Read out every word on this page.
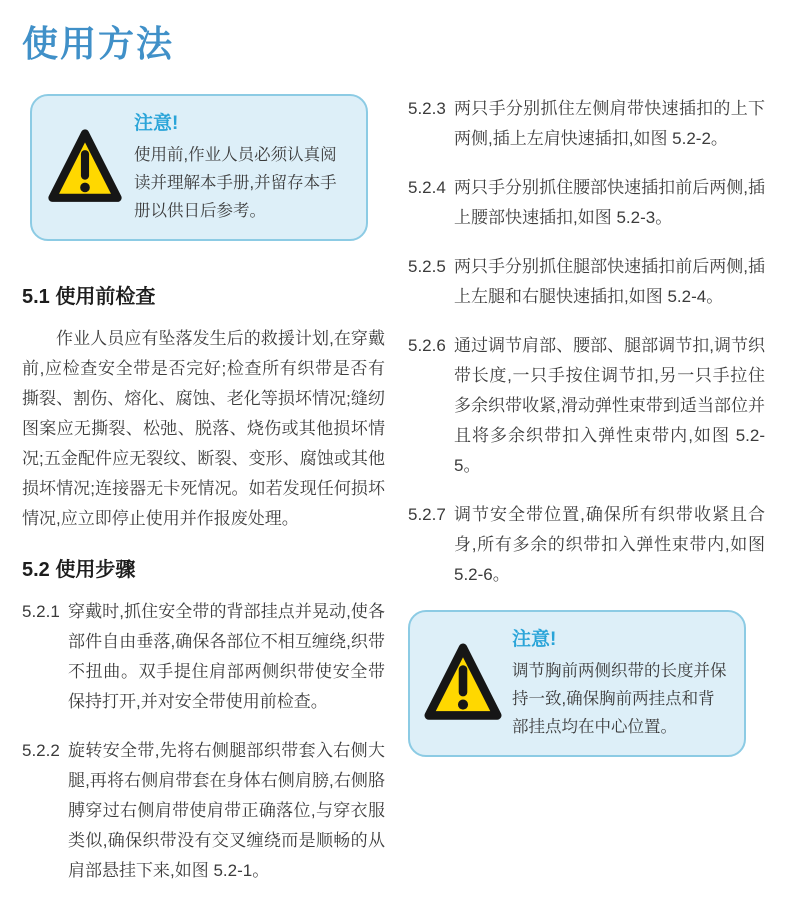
使用方法
注意!
使用前,作业人员必须认真阅读并理解本手册,并留存本手册以供日后参考。
5.1 使用前检查

作业人员应有坠落发生后的救援计划,在穿戴前,应检查安全带是否完好;检查所有织带是否有撕裂、割伤、熔化、腐蚀、老化等损坏情况;缝纫图案应无撕裂、松弛、脱落、烧伤或其他损坏情况;五金配件应无裂纹、断裂、变形、腐蚀或其他损坏情况;连接器无卡死情况。如若发现任何损坏情况,应立即停止使用并作报废处理。

5.2 使用步骤
5.2.1 穿戴时,抓住安全带的背部挂点并晃动,使各部件自由垂落,确保各部位不相互缠绕,织带不扭曲。双手提住肩部两侧织带使安全带保持打开,并对安全带使用前检查。
5.2.2 旋转安全带,先将右侧腿部织带套入右侧大腿,再将右侧肩带套在身体右侧肩膀,右侧胳膊穿过右侧肩带使肩带正确落位,与穿衣服类似,确保织带没有交叉缠绕而是顺畅的从肩部悬挂下来,如图 5.2-1。
5.2.3 两只手分别抓住左侧肩带快速插扣的上下两侧,插上左肩快速插扣,如图 5.2-2。
5.2.4 两只手分别抓住腰部快速插扣前后两侧,插上腰部快速插扣,如图 5.2-3。
5.2.5 两只手分别抓住腿部快速插扣前后两侧,插上左腿和右腿快速插扣,如图 5.2-4。
5.2.6 通过调节肩部、腰部、腿部调节扣,调节织带长度,一只手按住调节扣,另一只手拉住多余织带收紧,滑动弹性束带到适当部位并且将多余织带扣入弹性束带内,如图 5.2-5。
5.2.7 调节安全带位置,确保所有织带收紧且合身,所有多余的织带扣入弹性束带内,如图 5.2-6。
注意!
调节胸前两侧织带的长度并保持一致,确保胸前两挂点和背部挂点均在中心位置。
